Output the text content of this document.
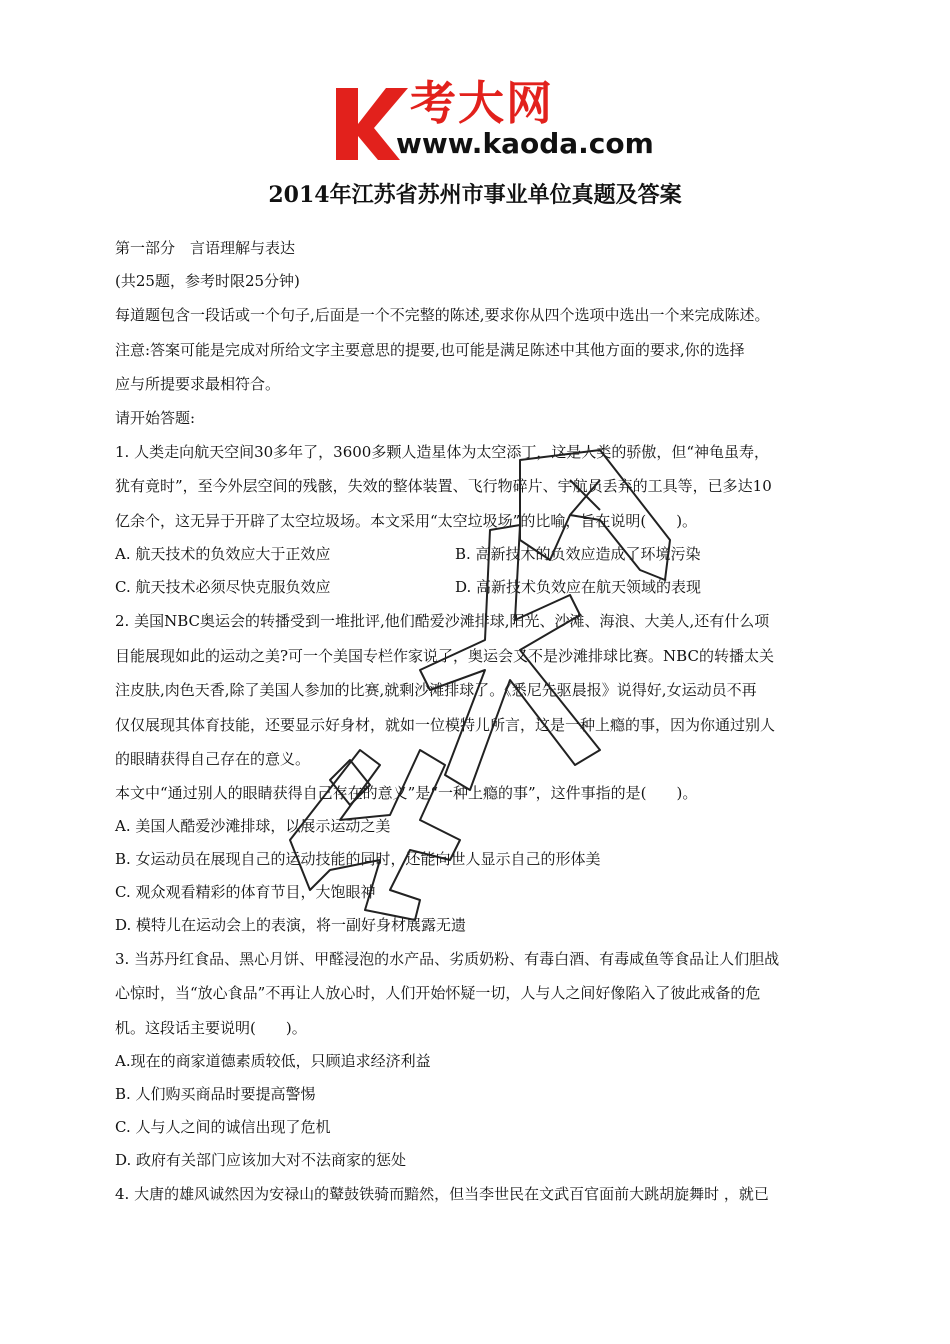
考大网
www.kaoda.com
2014年江苏省苏州市事业单位真题及答案
第一部分　言语理解与表达
(共25题，参考时限25分钟)
每道题包含一段话或一个句子,后面是一个不完整的陈述,要求你从四个选项中选出一个来完成陈述。
注意:答案可能是完成对所给文字主要意思的提要,也可能是满足陈述中其他方面的要求,你的选择
应与所提要求最相符合。
请开始答题:
1. 人类走向航天空间30多年了，3600多颗人造星体为太空添丁，这是人类的骄傲，但“神龟虽寿，
犹有竟时”，至今外层空间的残骸，失效的整体装置、飞行物碎片、宇航员丢弃的工具等，已多达10
亿余个，这无异于开辟了太空垃圾场。本文采用“太空垃圾场”的比喻，旨在说明(　　)。
A. 航天技术的负效应大于正效应	B. 高新技术的负效应造成了环境污染
C. 航天技术必须尽快克服负效应	D. 高新技术负效应在航天领域的表现
2. 美国NBC奥运会的转播受到一堆批评,他们酷爱沙滩排球,阳光、沙滩、海浪、大美人,还有什么项
目能展现如此的运动之美?可一个美国专栏作家说了，奥运会又不是沙滩排球比赛。NBC的转播太关
注皮肤,肉色天香,除了美国人参加的比赛,就剩沙滩排球了。《悉尼先驱晨报》说得好,女运动员不再
仅仅展现其体育技能，还要显示好身材，就如一位模特儿所言，这是一种上瘾的事，因为你通过别人
的眼睛获得自己存在的意义。
本文中“通过别人的眼睛获得自己存在的意义”是“一种上瘾的事”，这件事指的是(　　)。
A. 美国人酷爱沙滩排球，以展示运动之美
B. 女运动员在展现自己的运动技能的同时，还能向世人显示自己的形体美
C. 观众观看精彩的体育节目，大饱眼神
D. 模特儿在运动会上的表演，将一副好身材展露无遗
3. 当苏丹红食品、黑心月饼、甲醛浸泡的水产品、劣质奶粉、有毒白酒、有毒咸鱼等食品让人们胆战
心惊时，当“放心食品”不再让人放心时，人们开始怀疑一切，人与人之间好像陷入了彼此戒备的危
机。这段话主要说明(　　)。
A.现在的商家道德素质较低，只顾追求经济利益
B. 人们购买商品时要提高警惕
C. 人与人之间的诚信出现了危机
D. 政府有关部门应该加大对不法商家的惩处
4. 大唐的雄风诚然因为安禄山的鼙鼓铁骑而黯然，但当李世民在文武百官面前大跳胡旋舞时 ，就已
